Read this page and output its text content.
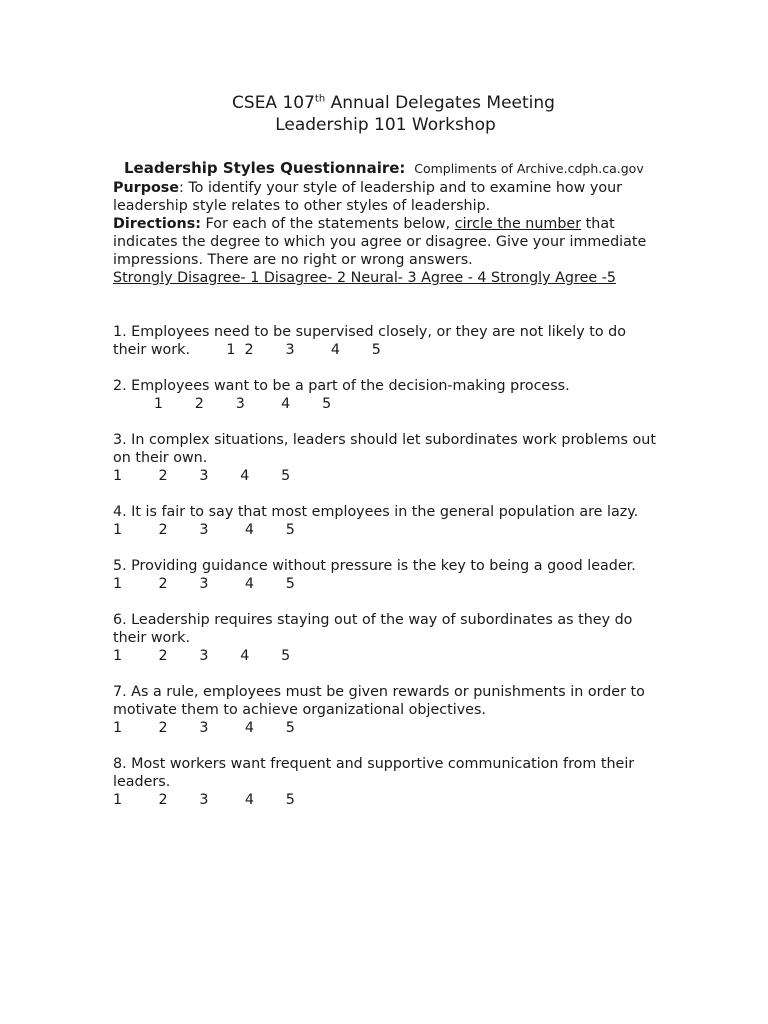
CSEA 107th Annual Delegates Meeting
Leadership 101 Workshop
Leadership Styles Questionnaire: Compliments of Archive.cdph.ca.gov

Purpose: To identify your style of leadership and to examine how your leadership style relates to other styles of leadership.

Directions: For each of the statements below, circle the number that indicates the degree to which you agree or disagree. Give your immediate impressions. There are no right or wrong answers.

Strongly Disagree- 1 Disagree- 2 Neural- 3 Agree - 4 Strongly Agree -5

1. Employees need to be supervised closely, or they are not likely to do their work.        1  2       3        4       5
2. Employees want to be a part of the decision-making process.
1       2       3        4       5
3. In complex situations, leaders should let subordinates work problems out on their own.
1        2       3       4       5
4. It is fair to say that most employees in the general population are lazy.
1        2       3        4       5
5. Providing guidance without pressure is the key to being a good leader.
1        2       3        4       5
6. Leadership requires staying out of the way of subordinates as they do their work.
1        2       3       4       5
7. As a rule, employees must be given rewards or punishments in order to motivate them to achieve organizational objectives.
1        2       3        4       5
8. Most workers want frequent and supportive communication from their leaders.
1        2       3        4       5
